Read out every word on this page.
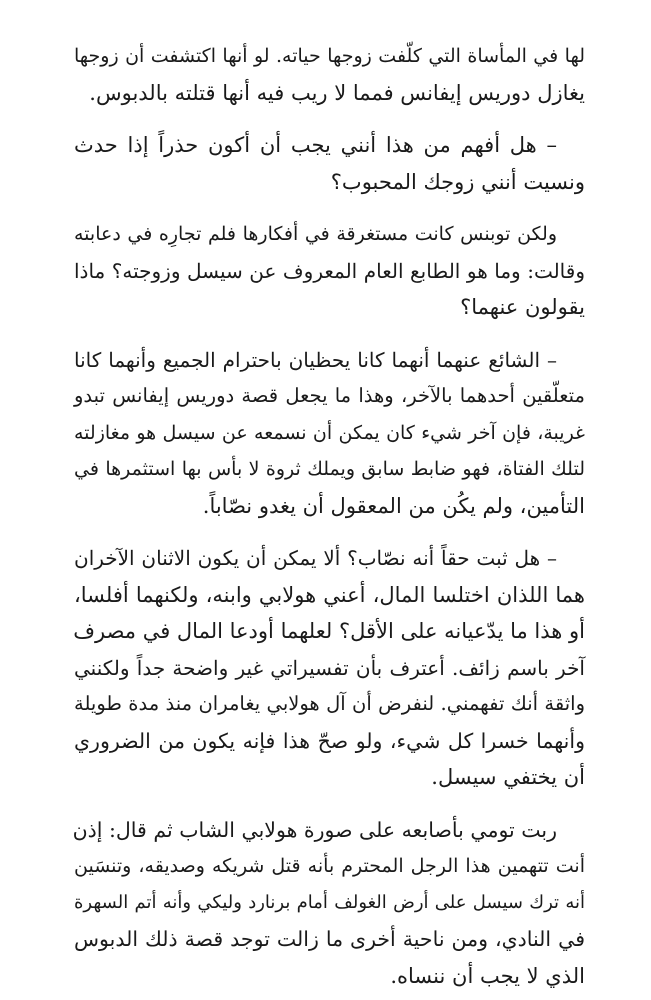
لها في المأساة التي كلّفت زوجها حياته. لو أنها اكتشفت أن زوجها
يغازل دوريس إيفانس فمما لا ريب فيه أنها قتلته بالدبوس.

– هل أفهم من هذا أنني يجب أن أكون حذراً إذا حدث
ونسيت أنني زوجك المحبوب؟

ولكن توبنس كانت مستغرقة في أفكارها فلم تجارِه في دعابته
وقالت: وما هو الطابع العام المعروف عن سيسل وزوجته؟ ماذا
يقولون عنهما؟

– الشائع عنهما أنهما كانا يحظيان باحترام الجميع وأنهما كانا
متعلّقين أحدهما بالآخر، وهذا ما يجعل قصة دوريس إيفانس تبدو
غريبة، فإن آخر شيء كان يمكن أن نسمعه عن سيسل هو مغازلته
لتلك الفتاة، فهو ضابط سابق ويملك ثروة لا بأس بها استثمرها في
التأمين، ولم يكُن من المعقول أن يغدو نصّاباً.

– هل ثبت حقاً أنه نصّاب؟ ألا يمكن أن يكون الاثنان الآخران
هما اللذان اختلسا المال، أعني هولابي وابنه، ولكنهما أفلسا،
أو هذا ما يدّعيانه على الأقل؟ لعلهما أودعا المال في مصرف
آخر باسم زائف. أعترف بأن تفسيراتي غير واضحة جداً ولكنني
واثقة أنك تفهمني. لنفرض أن آل هولابي يغامران منذ مدة طويلة
وأنهما خسرا كل شيء، ولو صحّ هذا فإنه يكون من الضروري
أن يختفي سيسل.

ربت تومي بأصابعه على صورة هولابي الشاب ثم قال: إذن
أنت تتهمين هذا الرجل المحترم بأنه قتل شريكه وصديقه، وتنسَين
أنه ترك سيسل على أرض الغولف أمام برنارد وليكي وأنه أتم السهرة
في النادي، ومن ناحية أخرى ما زالت توجد قصة ذلك الدبوس
الذي لا يجب أن ننساه.
